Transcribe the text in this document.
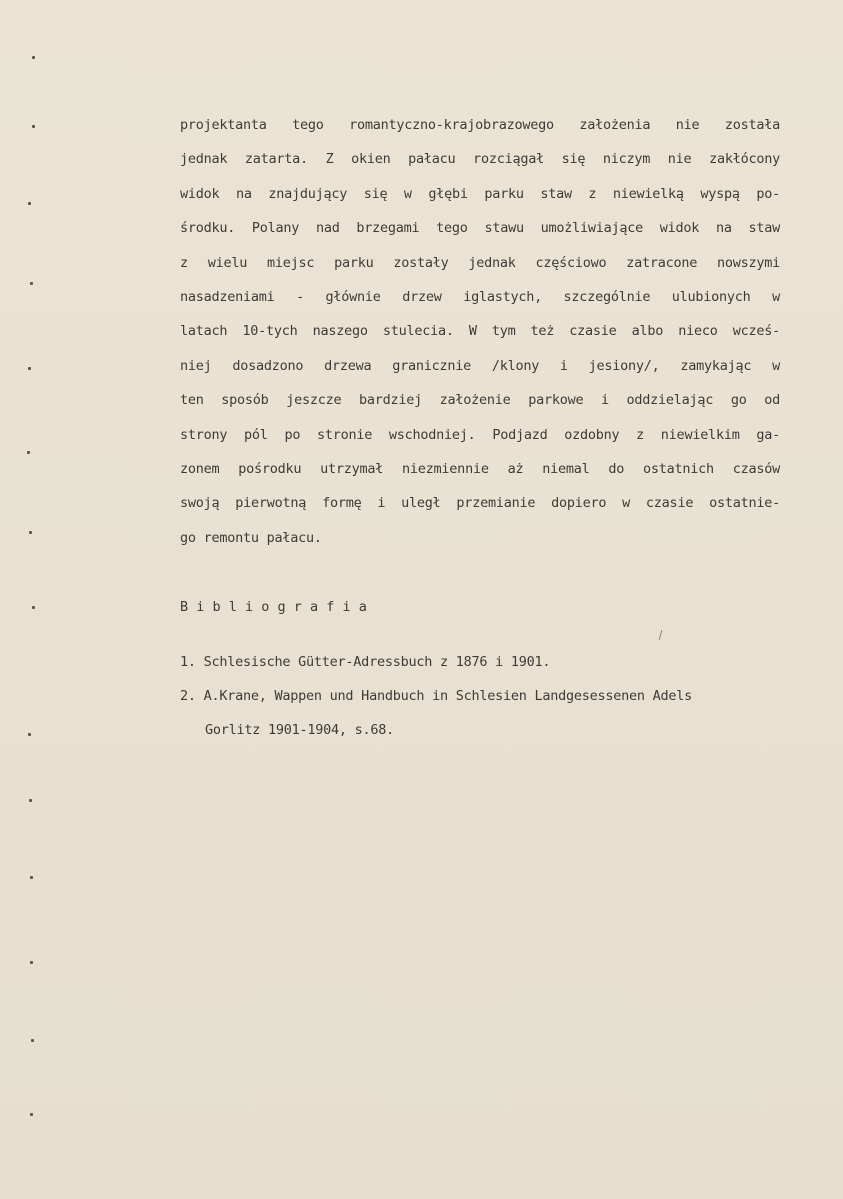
projektanta tego romantyczno-krajobrazowego założenia nie została
jednak zatarta. Z okien pałacu rozciągał się niczym nie zakłócony
widok na znajdujący się w głębi parku staw z niewielką wyspą po-
środku. Polany nad brzegami tego stawu umożliwiające widok na staw
z wielu miejsc parku zostały jednak częściowo zatracone nowszymi
nasadzeniami - głównie drzew iglastych, szczególnie ulubionych w
latach 10-tych naszego stulecia. W tym też czasie albo nieco wcześ-
niej dosadzono drzewa granicznie /klony i jesiony/, zamykając w
ten sposób jeszcze bardziej założenie parkowe i oddzielając go od
strony pól po stronie wschodniej. Podjazd ozdobny z niewielkim ga-
zonem pośrodku utrzymał niezmiennie aż niemal do ostatnich czasów
swoją pierwotną formę i uległ przemianie dopiero w czasie ostatnie-
go remontu pałacu.
B i b l i o g r a f i a
1. Schlesische Gütter-Adressbuch z 1876 i 1901.
2. A.Krane, Wappen und Handbuch in Schlesien Landgesessenen Adels
Gorlitz 1901-1904, s.68.
